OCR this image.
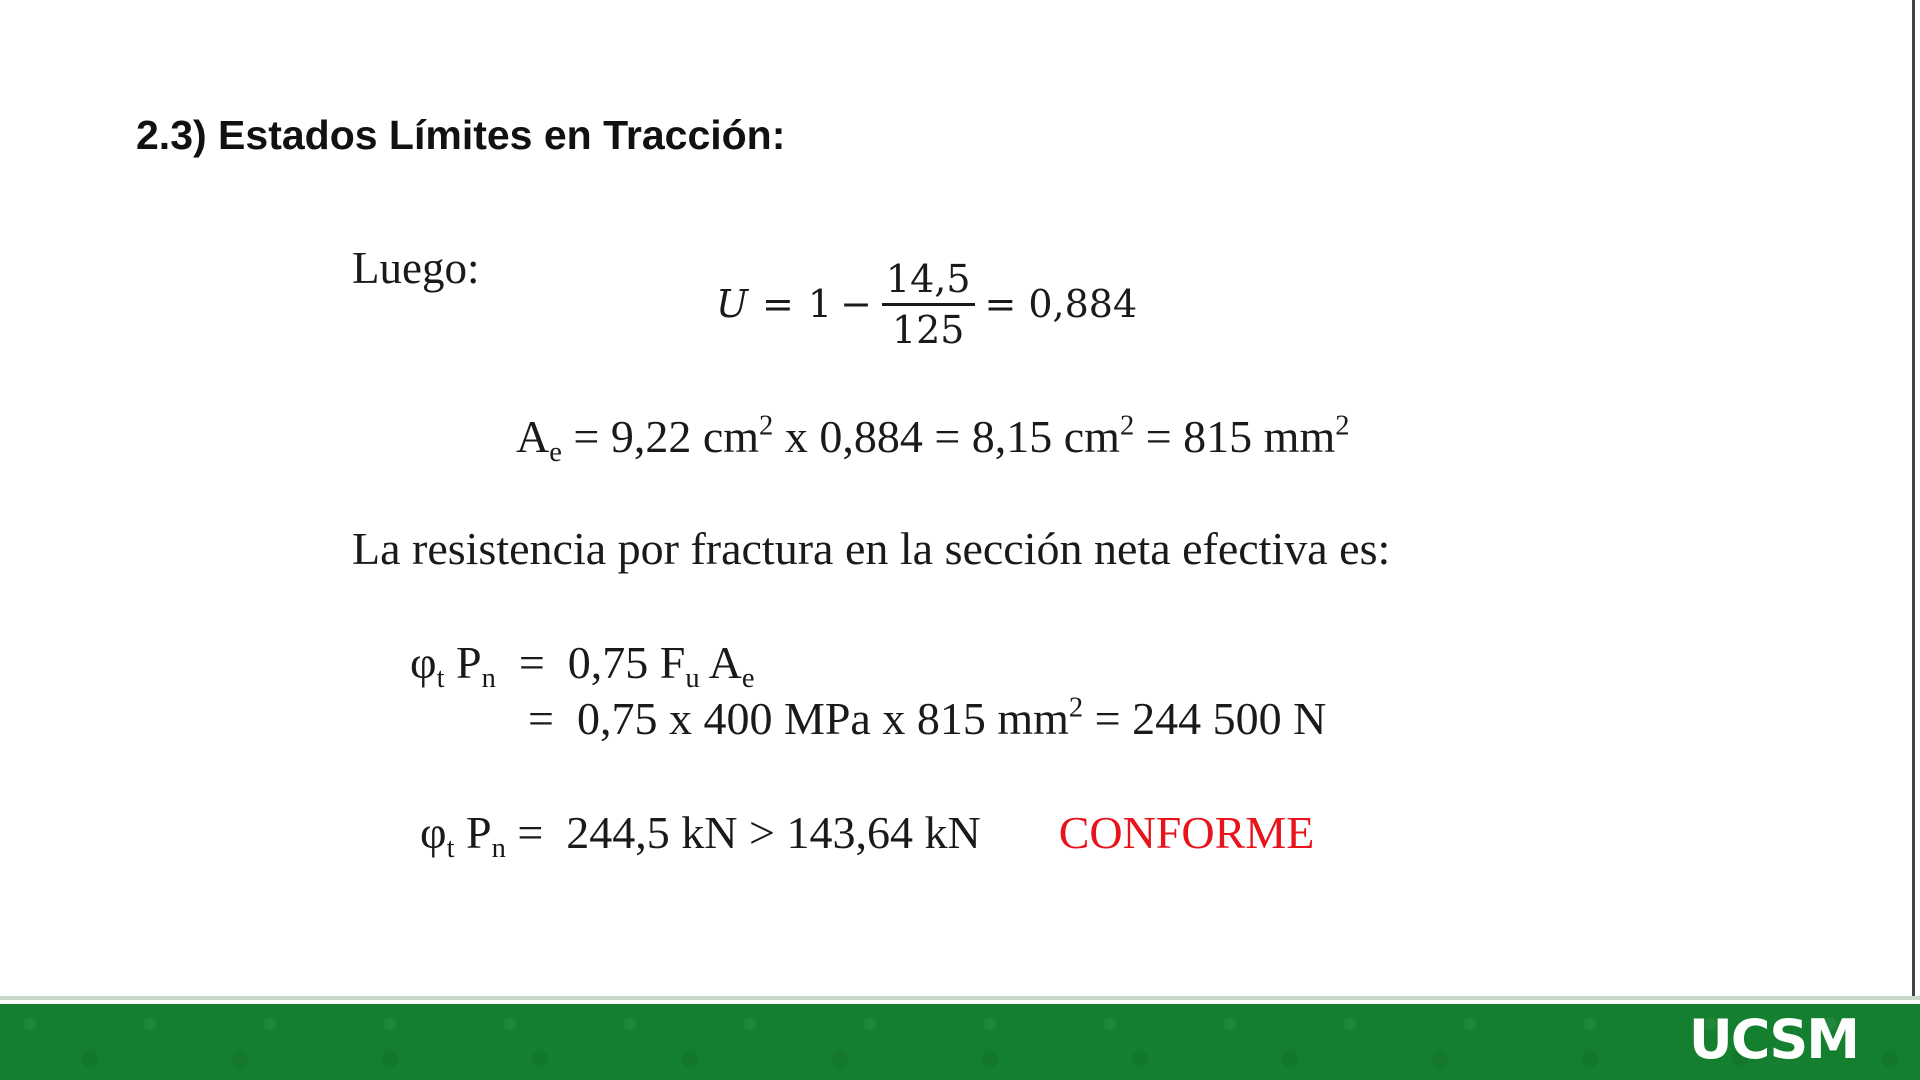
2.3) Estados Límites en Tracción:
Luego:
$U = 1 - \frac{14,5}{125} = 0,884$
$A_e = 9,22$ $cm^2$ x 0,884 = 8,15 $cm^2 = 815$ $mm^2$
La resistencia por fractura en la sección neta efectiva es:
$\varphi_t$ $P_n = 0,75$ $F_u$ $A_e$
=  0,75 x 400 MPa x 815 $mm^2 = 244$ 500 N
$\varphi_t$ $P_n = 244,5$ kN > 143,64 kN CONFORME
UCSM
